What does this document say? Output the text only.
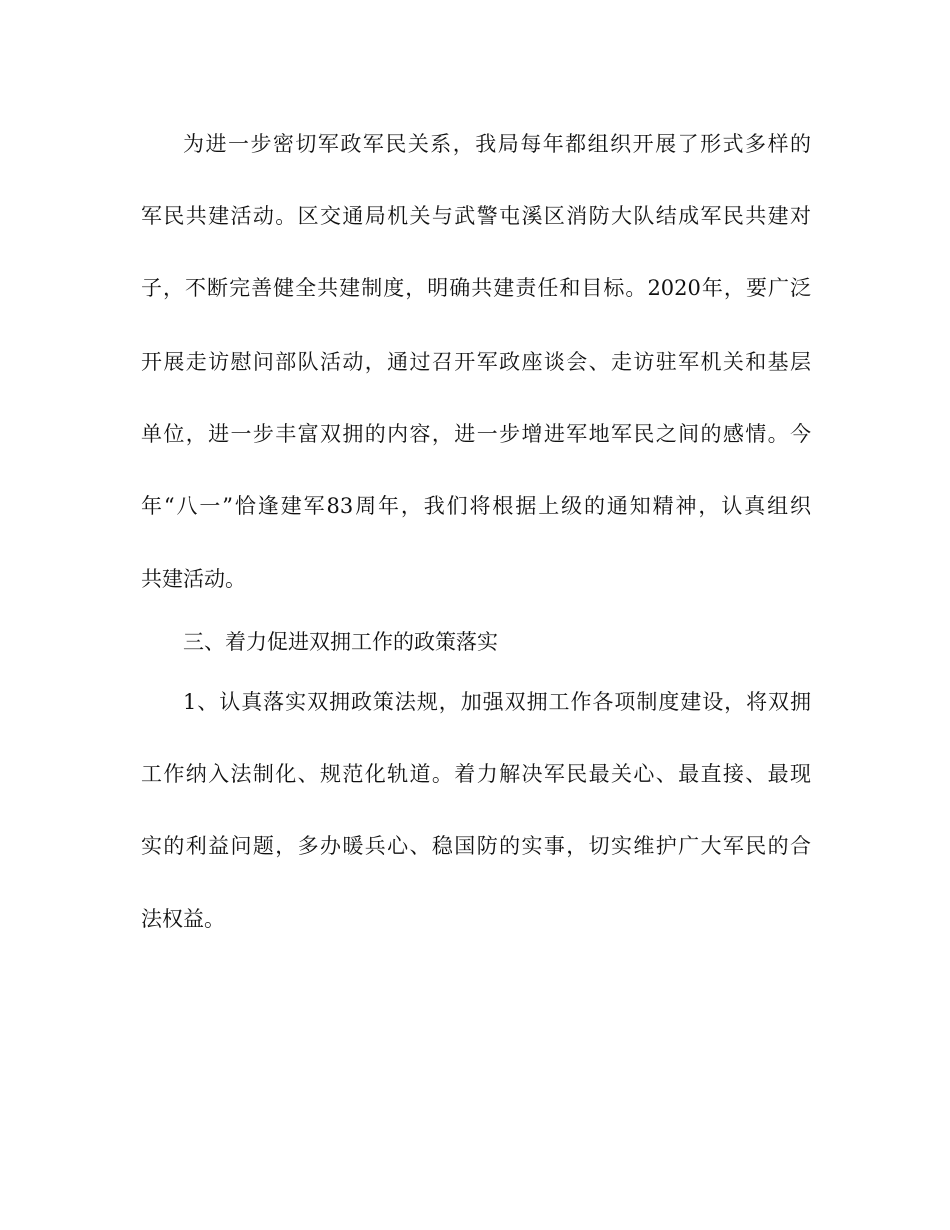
为进一步密切军政军民关系，我局每年都组织开展了形式多样的
军民共建活动。区交通局机关与武警屯溪区消防大队结成军民共建对
子，不断完善健全共建制度，明确共建责任和目标。2020年，要广泛
开展走访慰问部队活动，通过召开军政座谈会、走访驻军机关和基层
单位，进一步丰富双拥的内容，进一步增进军地军民之间的感情。今
年“八一”恰逢建军83周年，我们将根据上级的通知精神，认真组织
共建活动。
三、着力促进双拥工作的政策落实
1、认真落实双拥政策法规，加强双拥工作各项制度建设，将双拥
工作纳入法制化、规范化轨道。着力解决军民最关心、最直接、最现
实的利益问题，多办暖兵心、稳国防的实事，切实维护广大军民的合
法权益。
